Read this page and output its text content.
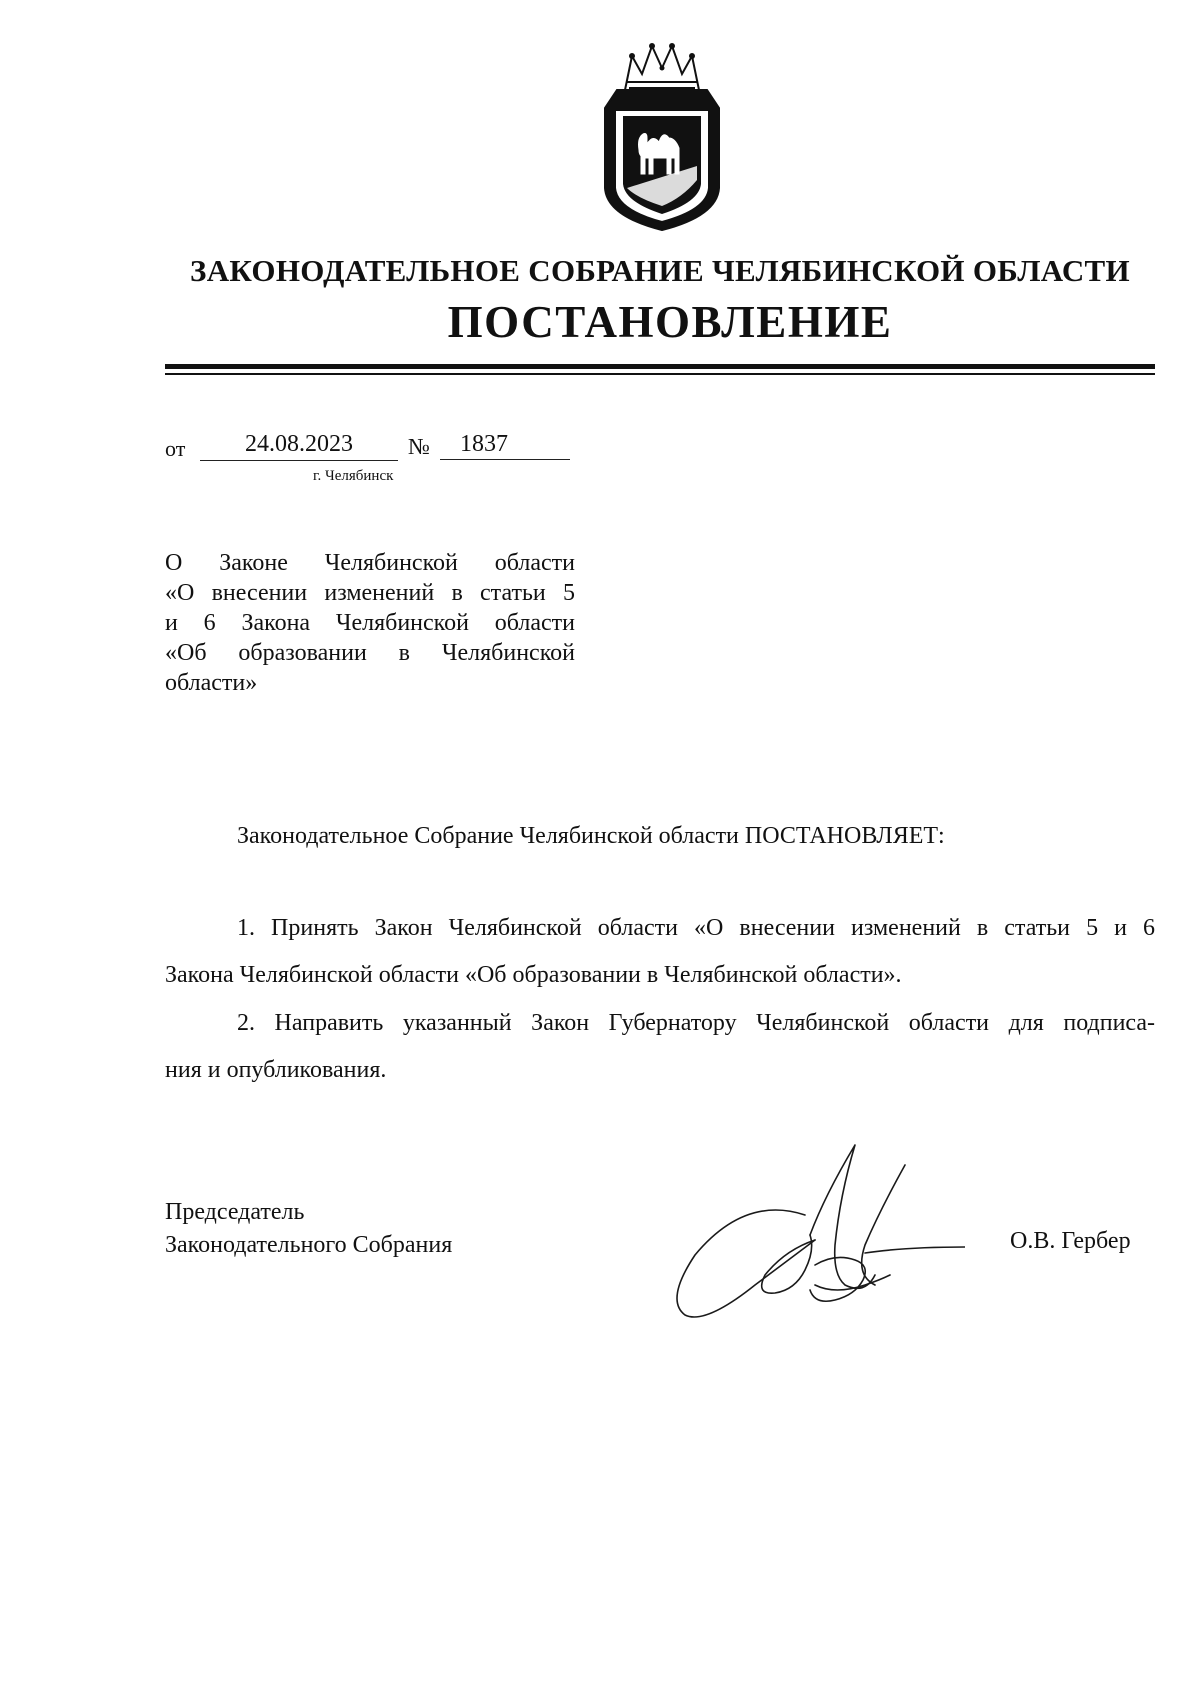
ЗАКОНОДАТЕЛЬНОЕ СОБРАНИЕ ЧЕЛЯБИНСКОЙ ОБЛАСТИ
ПОСТАНОВЛЕНИЕ
от	24.08.2023	№	1837
г. Челябинск
О Законе Челябинской области
«О внесении изменений в статьи 5
и 6 Закона Челябинской области
«Об образовании в Челябинской
области»
Законодательное Собрание Челябинской области ПОСТАНОВЛЯЕТ:
1. Принять Закон Челябинской области «О внесении изменений в статьи 5 и 6
Закона Челябинской области «Об образовании в Челябинской области».
2. Направить указанный Закон Губернатору Челябинской области для подписа-
ния и опубликования.
Председатель
Законодательного Собрания	О.В. Гербер
